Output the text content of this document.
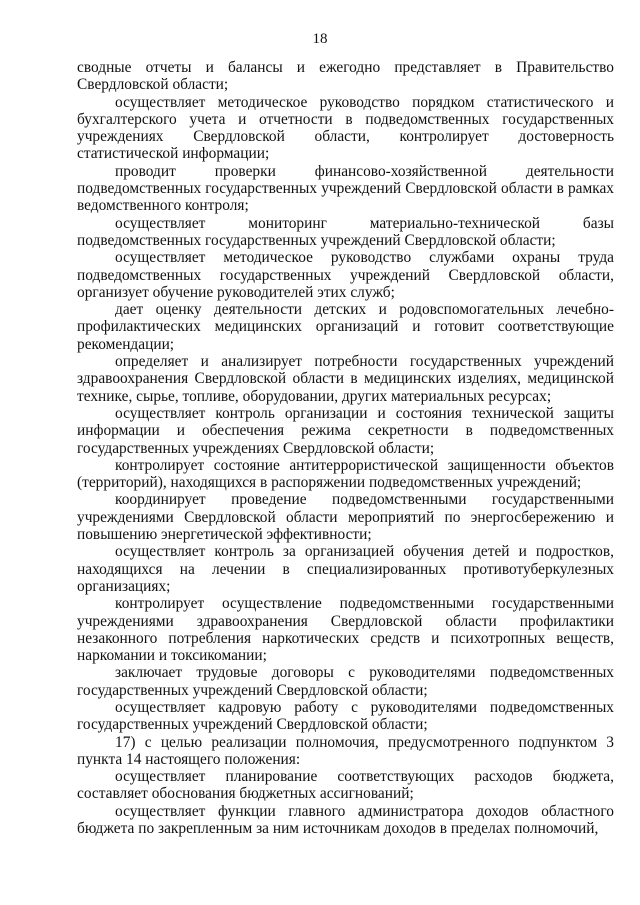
18

сводные отчеты и балансы и ежегодно представляет в Правительство Свердловской области;

осуществляет методическое руководство порядком статистического и бухгалтерского учета и отчетности в подведомственных государственных учреждениях Свердловской области, контролирует достоверность статистической информации;

проводит проверки финансово-хозяйственной деятельности подведомственных государственных учреждений Свердловской области в рамках ведомственного контроля;

осуществляет мониторинг материально-технической базы подведомственных государственных учреждений Свердловской области;

осуществляет методическое руководство службами охраны труда подведомственных государственных учреждений Свердловской области, организует обучение руководителей этих служб;

дает оценку деятельности детских и родовспомогательных лечебно-профилактических медицинских организаций и готовит соответствующие рекомендации;

определяет и анализирует потребности государственных учреждений здравоохранения Свердловской области в медицинских изделиях, медицинской технике, сырье, топливе, оборудовании, других материальных ресурсах;

осуществляет контроль организации и состояния технической защиты информации и обеспечения режима секретности в подведомственных государственных учреждениях Свердловской области;

контролирует состояние антитеррористической защищенности объектов (территорий), находящихся в распоряжении подведомственных учреждений;

координирует проведение подведомственными государственными учреждениями Свердловской области мероприятий по энергосбережению и повышению энергетической эффективности;

осуществляет контроль за организацией обучения детей и подростков, находящихся на лечении в специализированных противотуберкулезных организациях;

контролирует осуществление подведомственными государственными учреждениями здравоохранения Свердловской области профилактики незаконного потребления наркотических средств и психотропных веществ, наркомании и токсикомании;

заключает трудовые договоры с руководителями подведомственных государственных учреждений Свердловской области;

осуществляет кадровую работу с руководителями подведомственных государственных учреждений Свердловской области;

17) с целью реализации полномочия, предусмотренного подпунктом 3 пункта 14 настоящего положения:

осуществляет планирование соответствующих расходов бюджета, составляет обоснования бюджетных ассигнований;

осуществляет функции главного администратора доходов областного бюджета по закрепленным за ним источникам доходов в пределах полномочий,
